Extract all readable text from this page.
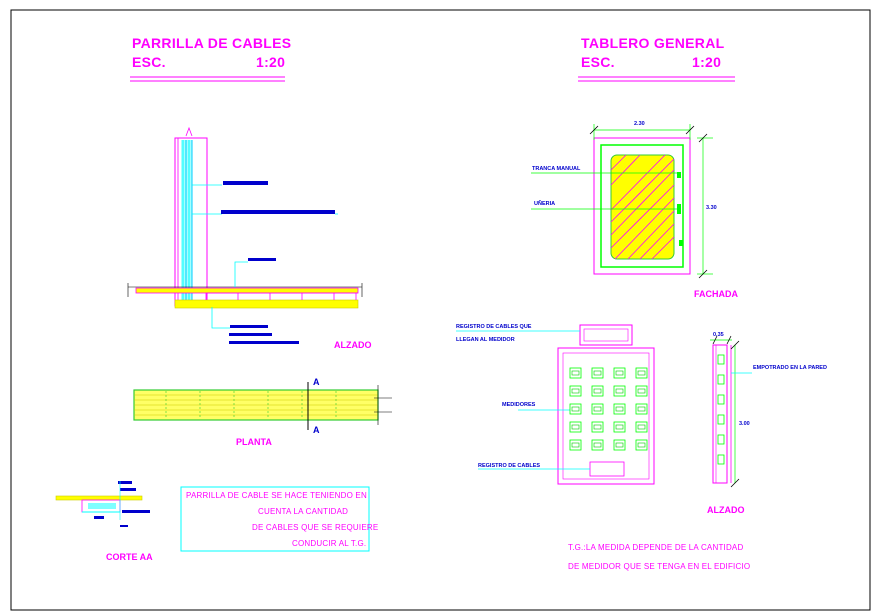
PARRILLA DE CABLES
ESC.	1:20
TABLERO GENERAL
ESC.	1:20
ALZADO
PLANTA
CORTE AA
A
A
PARRILLA DE CABLE SE HACE TENIENDO EN
CUENTA LA CANTIDAD
DE CABLES QUE SE REQUIERE
CONDUCIR AL T.G.
FACHADA
ALZADO
2.30
3.30
0.35
3.00
TRANCA MANUAL
UÑERIA
REGISTRO DE CABLES QUE
LLEGAN AL MEDIDOR
MEDIDORES
REGISTRO DE CABLES
EMPOTRADO EN LA PARED
T.G.:LA MEDIDA DEPENDE DE LA CANTIDAD
DE MEDIDOR QUE SE TENGA EN EL EDIFICIO
